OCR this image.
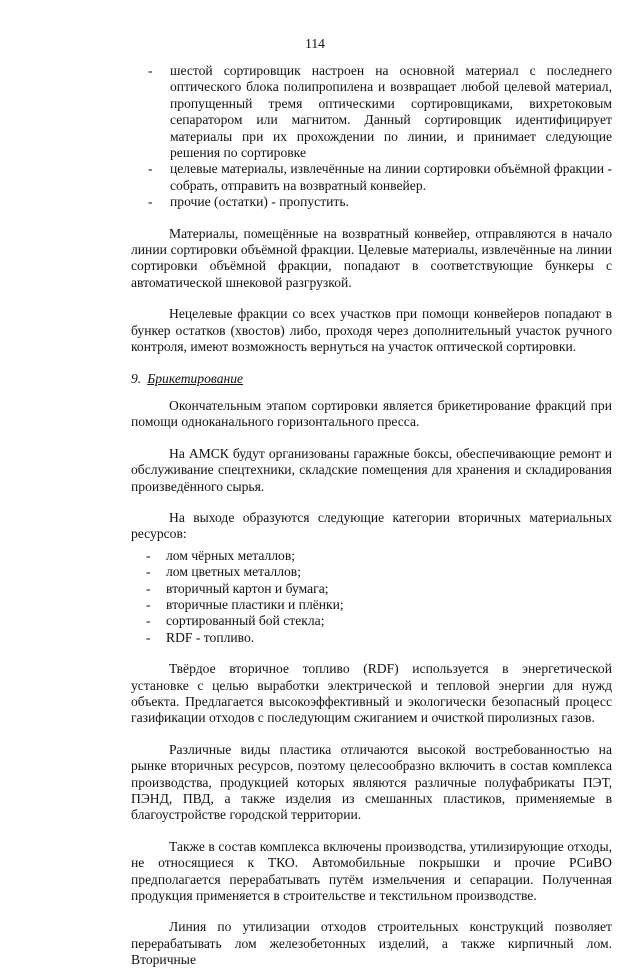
114
- шестой сортировщик настроен на основной материал с последнего оптического блока полипропилена и возвращает любой целевой материал, пропущенный тремя оптическими сортировщиками, вихретоковым сепаратором или магнитом. Данный сортировщик идентифицирует материалы при их прохождении по линии, и принимает следующие решения по сортировке
- целевые материалы, извлечённые на линии сортировки объёмной фракции - собрать, отправить на возвратный конвейер.
- прочие (остатки) - пропустить.

Материалы, помещённые на возвратный конвейер, отправляются в начало линии сортировки объёмной фракции. Целевые материалы, извлечённые на линии сортировки объёмной фракции, попадают в соответствующие бункеры с автоматической шнековой разгрузкой.

Нецелевые фракции со всех участков при помощи конвейеров попадают в бункер остатков (хвостов) либо, проходя через дополнительный участок ручного контроля, имеют возможность вернуться на участок оптической сортировки.

9. Брикетирование

Окончательным этапом сортировки является брикетирование фракций при помощи одноканального горизонтального пресса.

На АМСК будут организованы гаражные боксы, обеспечивающие ремонт и обслуживание спецтехники, складские помещения для хранения и складирования произведённого сырья.

На выходе образуются следующие категории вторичных материальных ресурсов:

- лом чёрных металлов;
- лом цветных металлов;
- вторичный картон и бумага;
- вторичные пластики и плёнки;
- сортированный бой стекла;
- RDF - топливо.

Твёрдое вторичное топливо (RDF) используется в энергетической установке с целью выработки электрической и тепловой энергии для нужд объекта. Предлагается высокоэффективный и экологически безопасный процесс газификации отходов с последующим сжиганием и очисткой пиролизных газов.

Различные виды пластика отличаются высокой востребованностью на рынке вторичных ресурсов, поэтому целесообразно включить в состав комплекса производства, продукцией которых являются различные полуфабрикаты ПЭТ, ПЭНД, ПВД, а также изделия из смешанных пластиков, применяемые в благоустройстве городской территории.

Также в состав комплекса включены производства, утилизирующие отходы, не относящиеся к ТКО. Автомобильные покрышки и прочие РСиВО предполагается перерабатывать путём измельчения и сепарации. Полученная продукция применяется в строительстве и текстильном производстве.

Линия по утилизации отходов строительных конструкций позволяет перерабатывать лом железобетонных изделий, а также кирпичный лом. Вторичные
